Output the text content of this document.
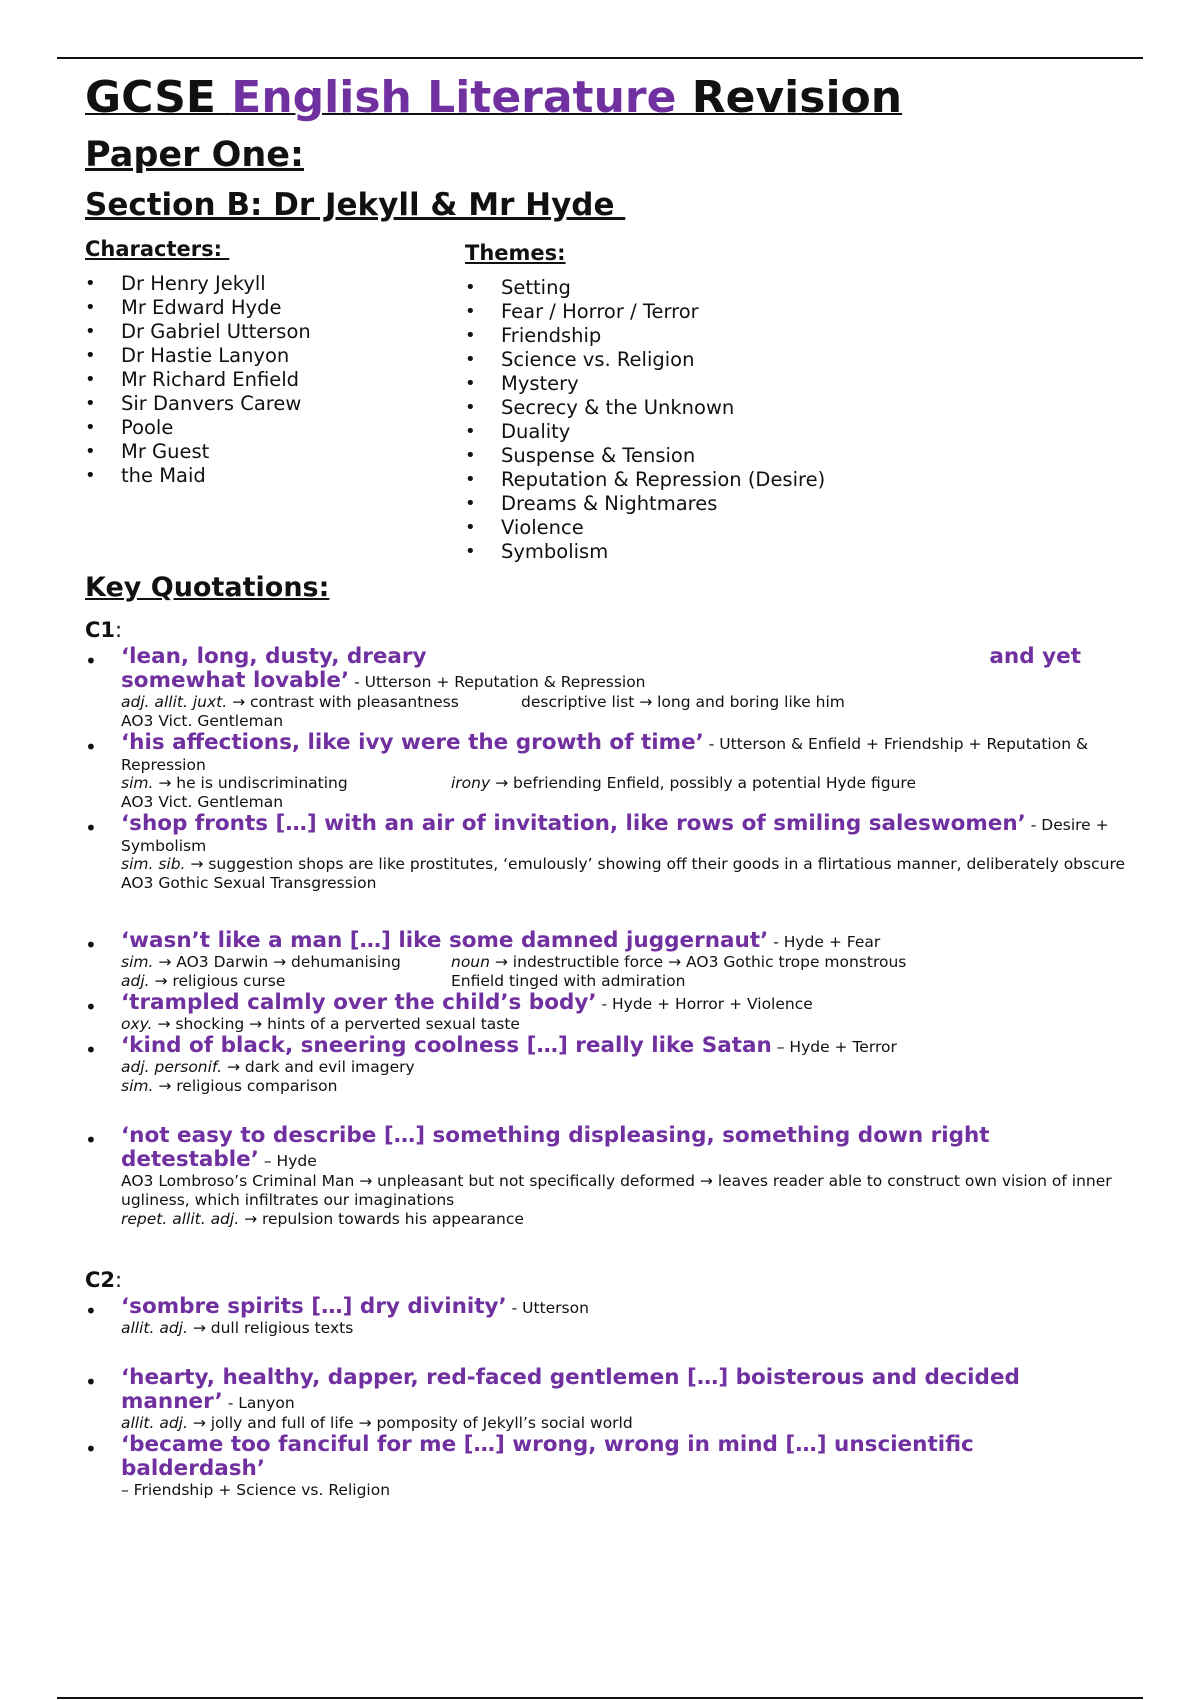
GCSE English Literature Revision
Paper One:
Section B: Dr Jekyll & Mr Hyde
Characters:
• Dr Henry Jekyll
• Mr Edward Hyde
• Dr Gabriel Utterson
• Dr Hastie Lanyon
• Mr Richard Enfield
• Sir Danvers Carew
• Poole
• Mr Guest
• the Maid
Themes:
• Setting
• Fear / Horror / Terror
• Friendship
• Science vs. Religion
• Mystery
• Secrecy & the Unknown
• Duality
• Suspense & Tension
• Reputation & Repression (Desire)
• Dreams & Nightmares
• Violence
• Symbolism
Key Quotations:
C1:
• ‘lean, long, dusty, dreary	and yet
somewhat lovable’ - Utterson + Reputation & Repression
adj. allit. juxt. → contrast with pleasantness	descriptive list → long and boring like him
AO3 Vict. Gentleman
• ‘his affections, like ivy were the growth of time’ - Utterson & Enfield + Friendship + Reputation & Repression
sim. → he is undiscriminating	irony → befriending Enfield, possibly a potential Hyde figure
AO3 Vict. Gentleman
• ‘shop fronts […] with an air of invitation, like rows of smiling saleswomen’ - Desire + Symbolism
sim. sib. → suggestion shops are like prostitutes, ‘emulously’ showing off their goods in a flirtatious manner, deliberately obscure
AO3 Gothic Sexual Transgression
• ‘wasn’t like a man […] like some damned juggernaut’ - Hyde + Fear
sim. → AO3 Darwin → dehumanising	noun → indestructible force → AO3 Gothic trope monstrous
adj. → religious curse	Enfield tinged with admiration
• ‘trampled calmly over the child’s body’ - Hyde + Horror + Violence
oxy. → shocking → hints of a perverted sexual taste
• ‘kind of black, sneering coolness […] really like Satan – Hyde + Terror
adj. personif. → dark and evil imagery
sim. → religious comparison
• ‘not easy to describe […] something displeasing, something down right detestable’ – Hyde
AO3 Lombroso’s Criminal Man → unpleasant but not specifically deformed → leaves reader able to construct own vision of inner ugliness, which infiltrates our imaginations
repet. allit. adj. → repulsion towards his appearance
C2:
• ‘sombre spirits […] dry divinity’ - Utterson
allit. adj. → dull religious texts
• ‘hearty, healthy, dapper, red-faced gentlemen […] boisterous and decided manner’ - Lanyon
allit. adj. → jolly and full of life → pomposity of Jekyll’s social world
• ‘became too fanciful for me […] wrong, wrong in mind […] unscientific balderdash’
– Friendship + Science vs. Religion
